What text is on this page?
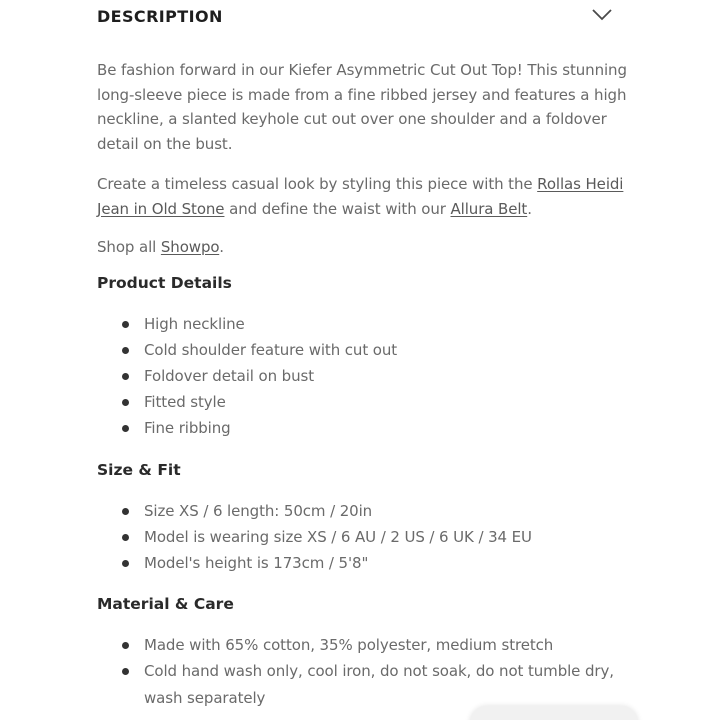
DESCRIPTION

Be fashion forward in our Kiefer Asymmetric Cut Out Top! This stunning long-sleeve piece is made from a fine ribbed jersey and features a high neckline, a slanted keyhole cut out over one shoulder and a foldover detail on the bust.

Create a timeless casual look by styling this piece with the Rollas Heidi Jean in Old Stone and define the waist with our Allura Belt.

Shop all Showpo.

Product Details
High neckline
Cold shoulder feature with cut out
Foldover detail on bust
Fitted style
Fine ribbing
Size & Fit
Size XS / 6 length: 50cm / 20in
Model is wearing size XS / 6 AU / 2 US / 6 UK / 34 EU
Model's height is 173cm / 5'8"
Material & Care
Made with 65% cotton, 35% polyester, medium stretch
Cold hand wash only, cool iron, do not soak, do not tumble dry, wash separately
